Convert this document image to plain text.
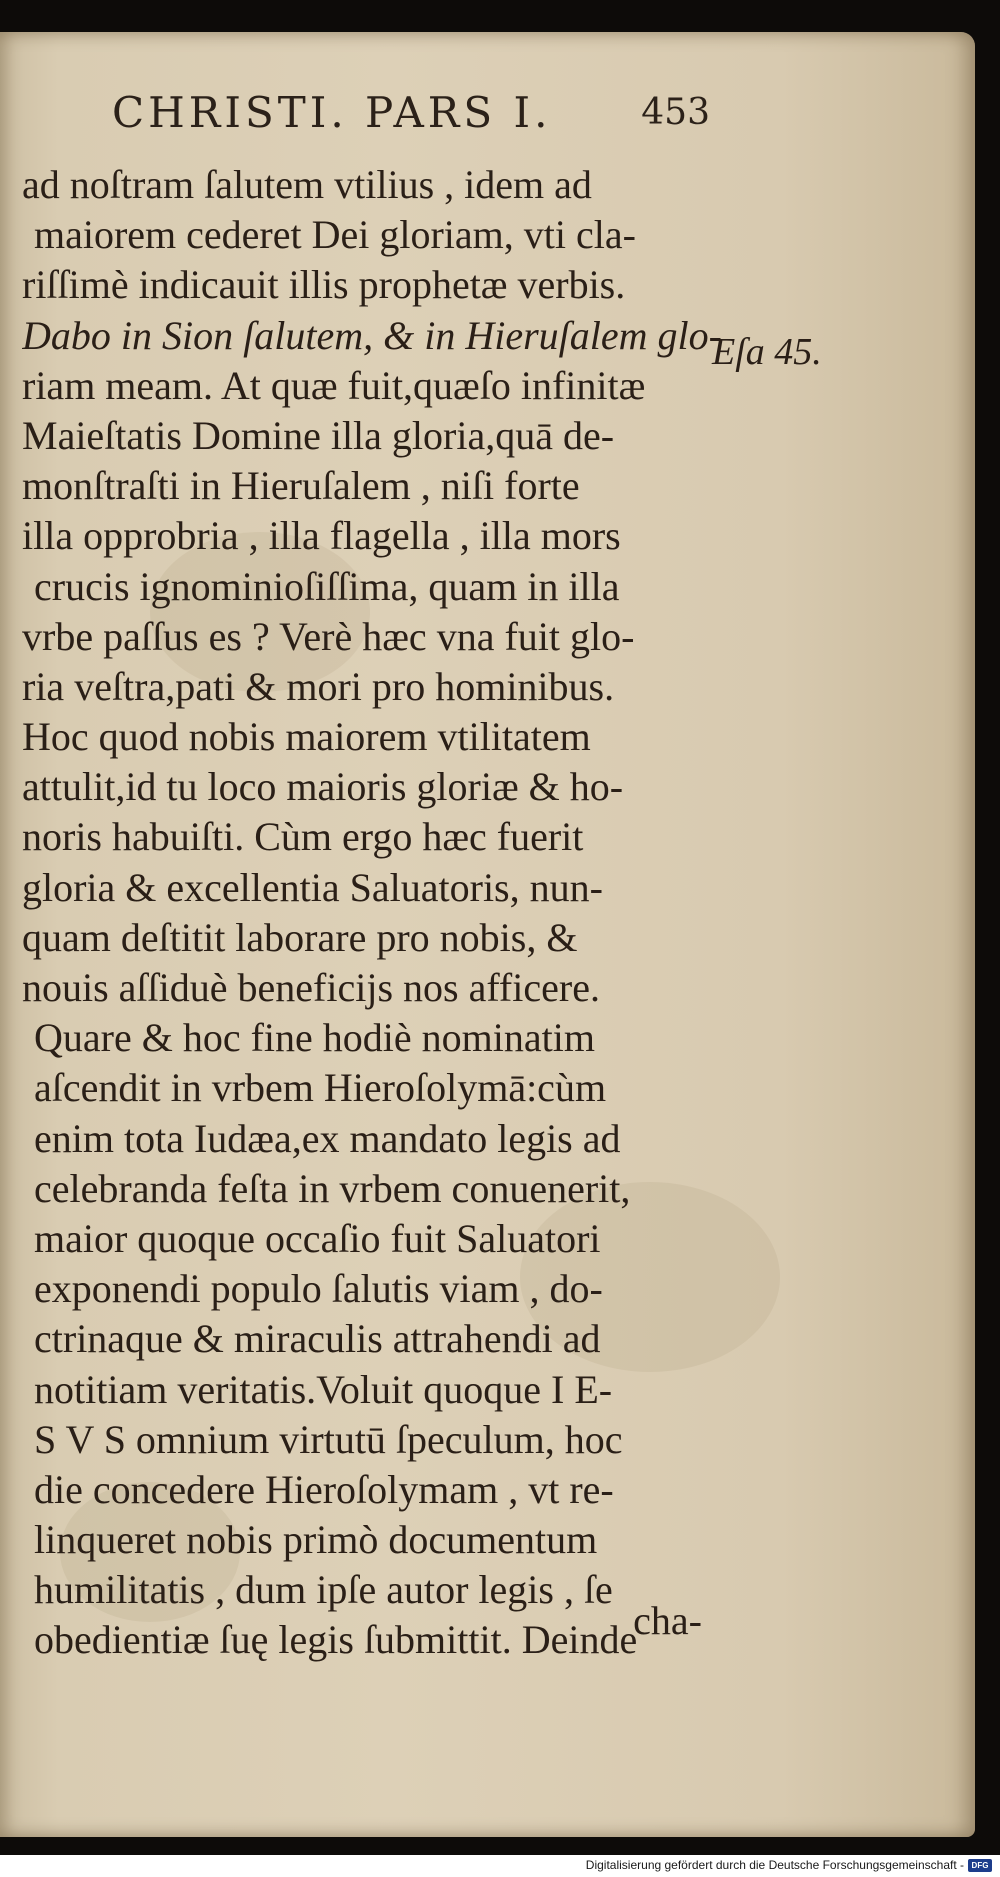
CHRISTI. PARS I. 453
ad noſtram ſalutem vtilius , idem ad
maiorem cederet Dei gloriam, vti cla-
riſſimè indicauit illis prophetæ verbis.
Dabo in Sion ſalutem, & in Hieruſalem glo-
riam meam. At quæ fuit,quæſo infinitæ
Maieſtatis Domine illa gloria,quā de-
monſtraſti in Hieruſalem , niſi forte
illa opprobria , illa flagella , illa mors
crucis ignominioſiſſima, quam in illa
vrbe paſſus es ? Verè hæc vna fuit glo-
ria veſtra,pati & mori pro hominibus.
Hoc quod nobis maiorem vtilitatem
attulit,id tu loco maioris gloriæ & ho-
noris habuiſti. Cùm ergo hæc fuerit
gloria & excellentia Saluatoris, nun-
quam deſtitit laborare pro nobis, &
nouis aſſiduè beneficijs nos afficere.
Quare & hoc fine hodiè nominatim
aſcendit in vrbem Hieroſolymā:cùm
enim tota Iudæa,ex mandato legis ad
celebranda feſta in vrbem conuenerit,
maior quoque occaſio fuit Saluatori
exponendi populo ſalutis viam , do-
ctrinaque & miraculis attrahendi ad
notitiam veritatis.Voluit quoque I E-
S V S omnium virtutū ſpeculum, hoc
die concedere Hieroſolymam , vt re-
linqueret nobis primò documentum
humilitatis , dum ipſe autor legis , ſe
obedientiæ ſuę legis ſubmittit. Deinde
cha-
Eſa 45.
Digitalisierung gefördert durch die Deutsche Forschungsgemeinschaft - DFG
